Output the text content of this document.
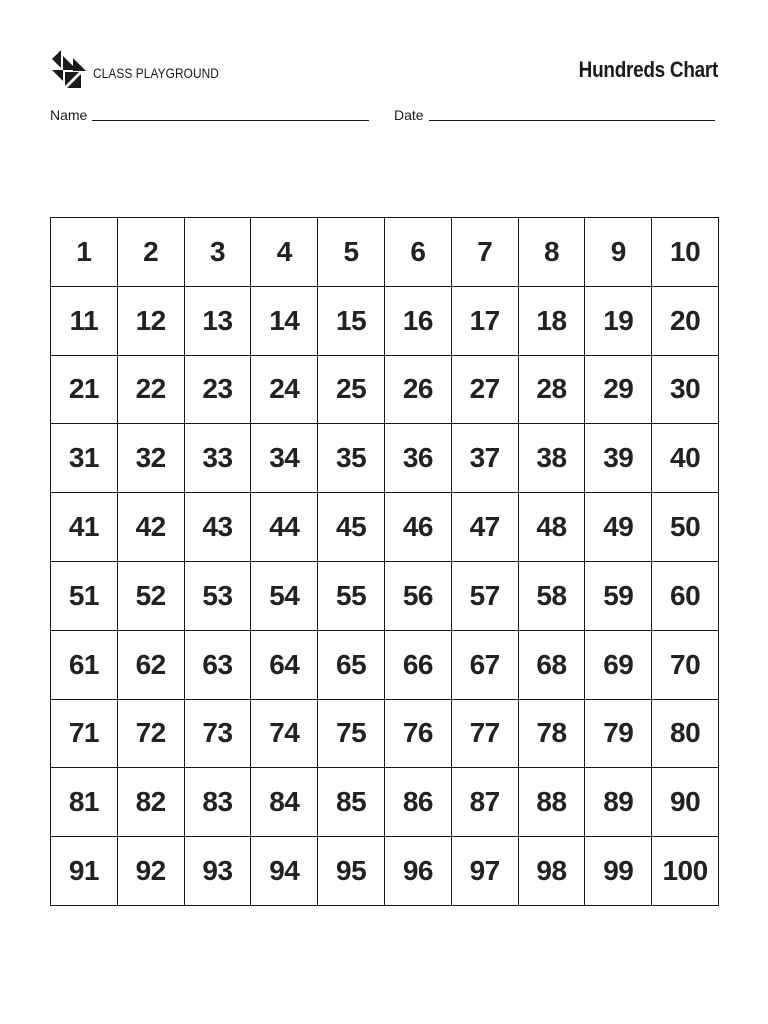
CLASS PLAYGROUND	Hundreds Chart
Name	Date
1	2	3	4	5	6	7	8	9	10
11	12	13	14	15	16	17	18	19	20
21	22	23	24	25	26	27	28	29	30
31	32	33	34	35	36	37	38	39	40
41	42	43	44	45	46	47	48	49	50
51	52	53	54	55	56	57	58	59	60
61	62	63	64	65	66	67	68	69	70
71	72	73	74	75	76	77	78	79	80
81	82	83	84	85	86	87	88	89	90
91	92	93	94	95	96	97	98	99	100
